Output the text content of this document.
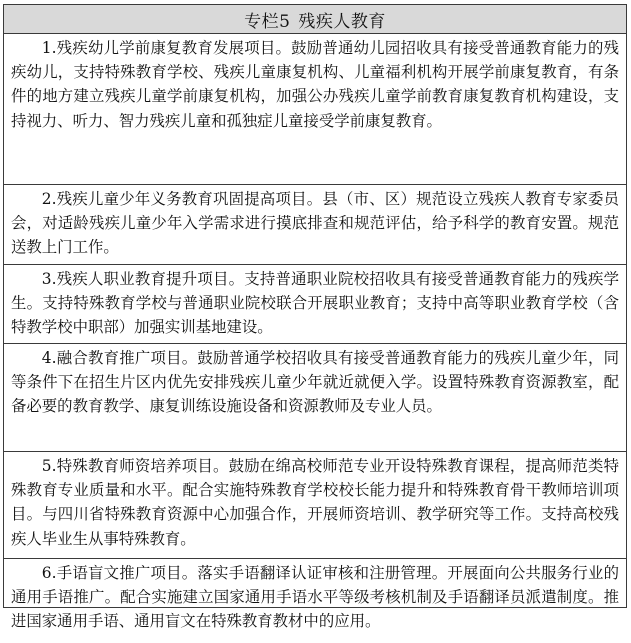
专栏5 残疾人教育
1.残疾幼儿学前康复教育发展项目。鼓励普通幼儿园招收具有接受普通教育能力的残疾幼儿，支持特殊教育学校、残疾儿童康复机构、儿童福利机构开展学前康复教育，有条件的地方建立残疾儿童学前康复机构，加强公办残疾儿童学前教育康复教育机构建设，支持视力、听力、智力残疾儿童和孤独症儿童接受学前康复教育。
2.残疾儿童少年义务教育巩固提高项目。县（市、区）规范设立残疾人教育专家委员会，对适龄残疾儿童少年入学需求进行摸底排查和规范评估，给予科学的教育安置。规范送教上门工作。
3.残疾人职业教育提升项目。支持普通职业院校招收具有接受普通教育能力的残疾学生。支持特殊教育学校与普通职业院校联合开展职业教育；支持中高等职业教育学校（含特教学校中职部）加强实训基地建设。
4.融合教育推广项目。鼓励普通学校招收具有接受普通教育能力的残疾儿童少年，同等条件下在招生片区内优先安排残疾儿童少年就近就便入学。设置特殊教育资源教室，配备必要的教育教学、康复训练设施设备和资源教师及专业人员。
5.特殊教育师资培养项目。鼓励在绵高校师范专业开设特殊教育课程，提高师范类特殊教育专业质量和水平。配合实施特殊教育学校校长能力提升和特殊教育骨干教师培训项目。与四川省特殊教育资源中心加强合作，开展师资培训、教学研究等工作。支持高校残疾人毕业生从事特殊教育。
6.手语盲文推广项目。落实手语翻译认证审核和注册管理。开展面向公共服务行业的通用手语推广。配合实施建立国家通用手语水平等级考核机制及手语翻译员派遣制度。推进国家通用手语、通用盲文在特殊教育教材中的应用。
